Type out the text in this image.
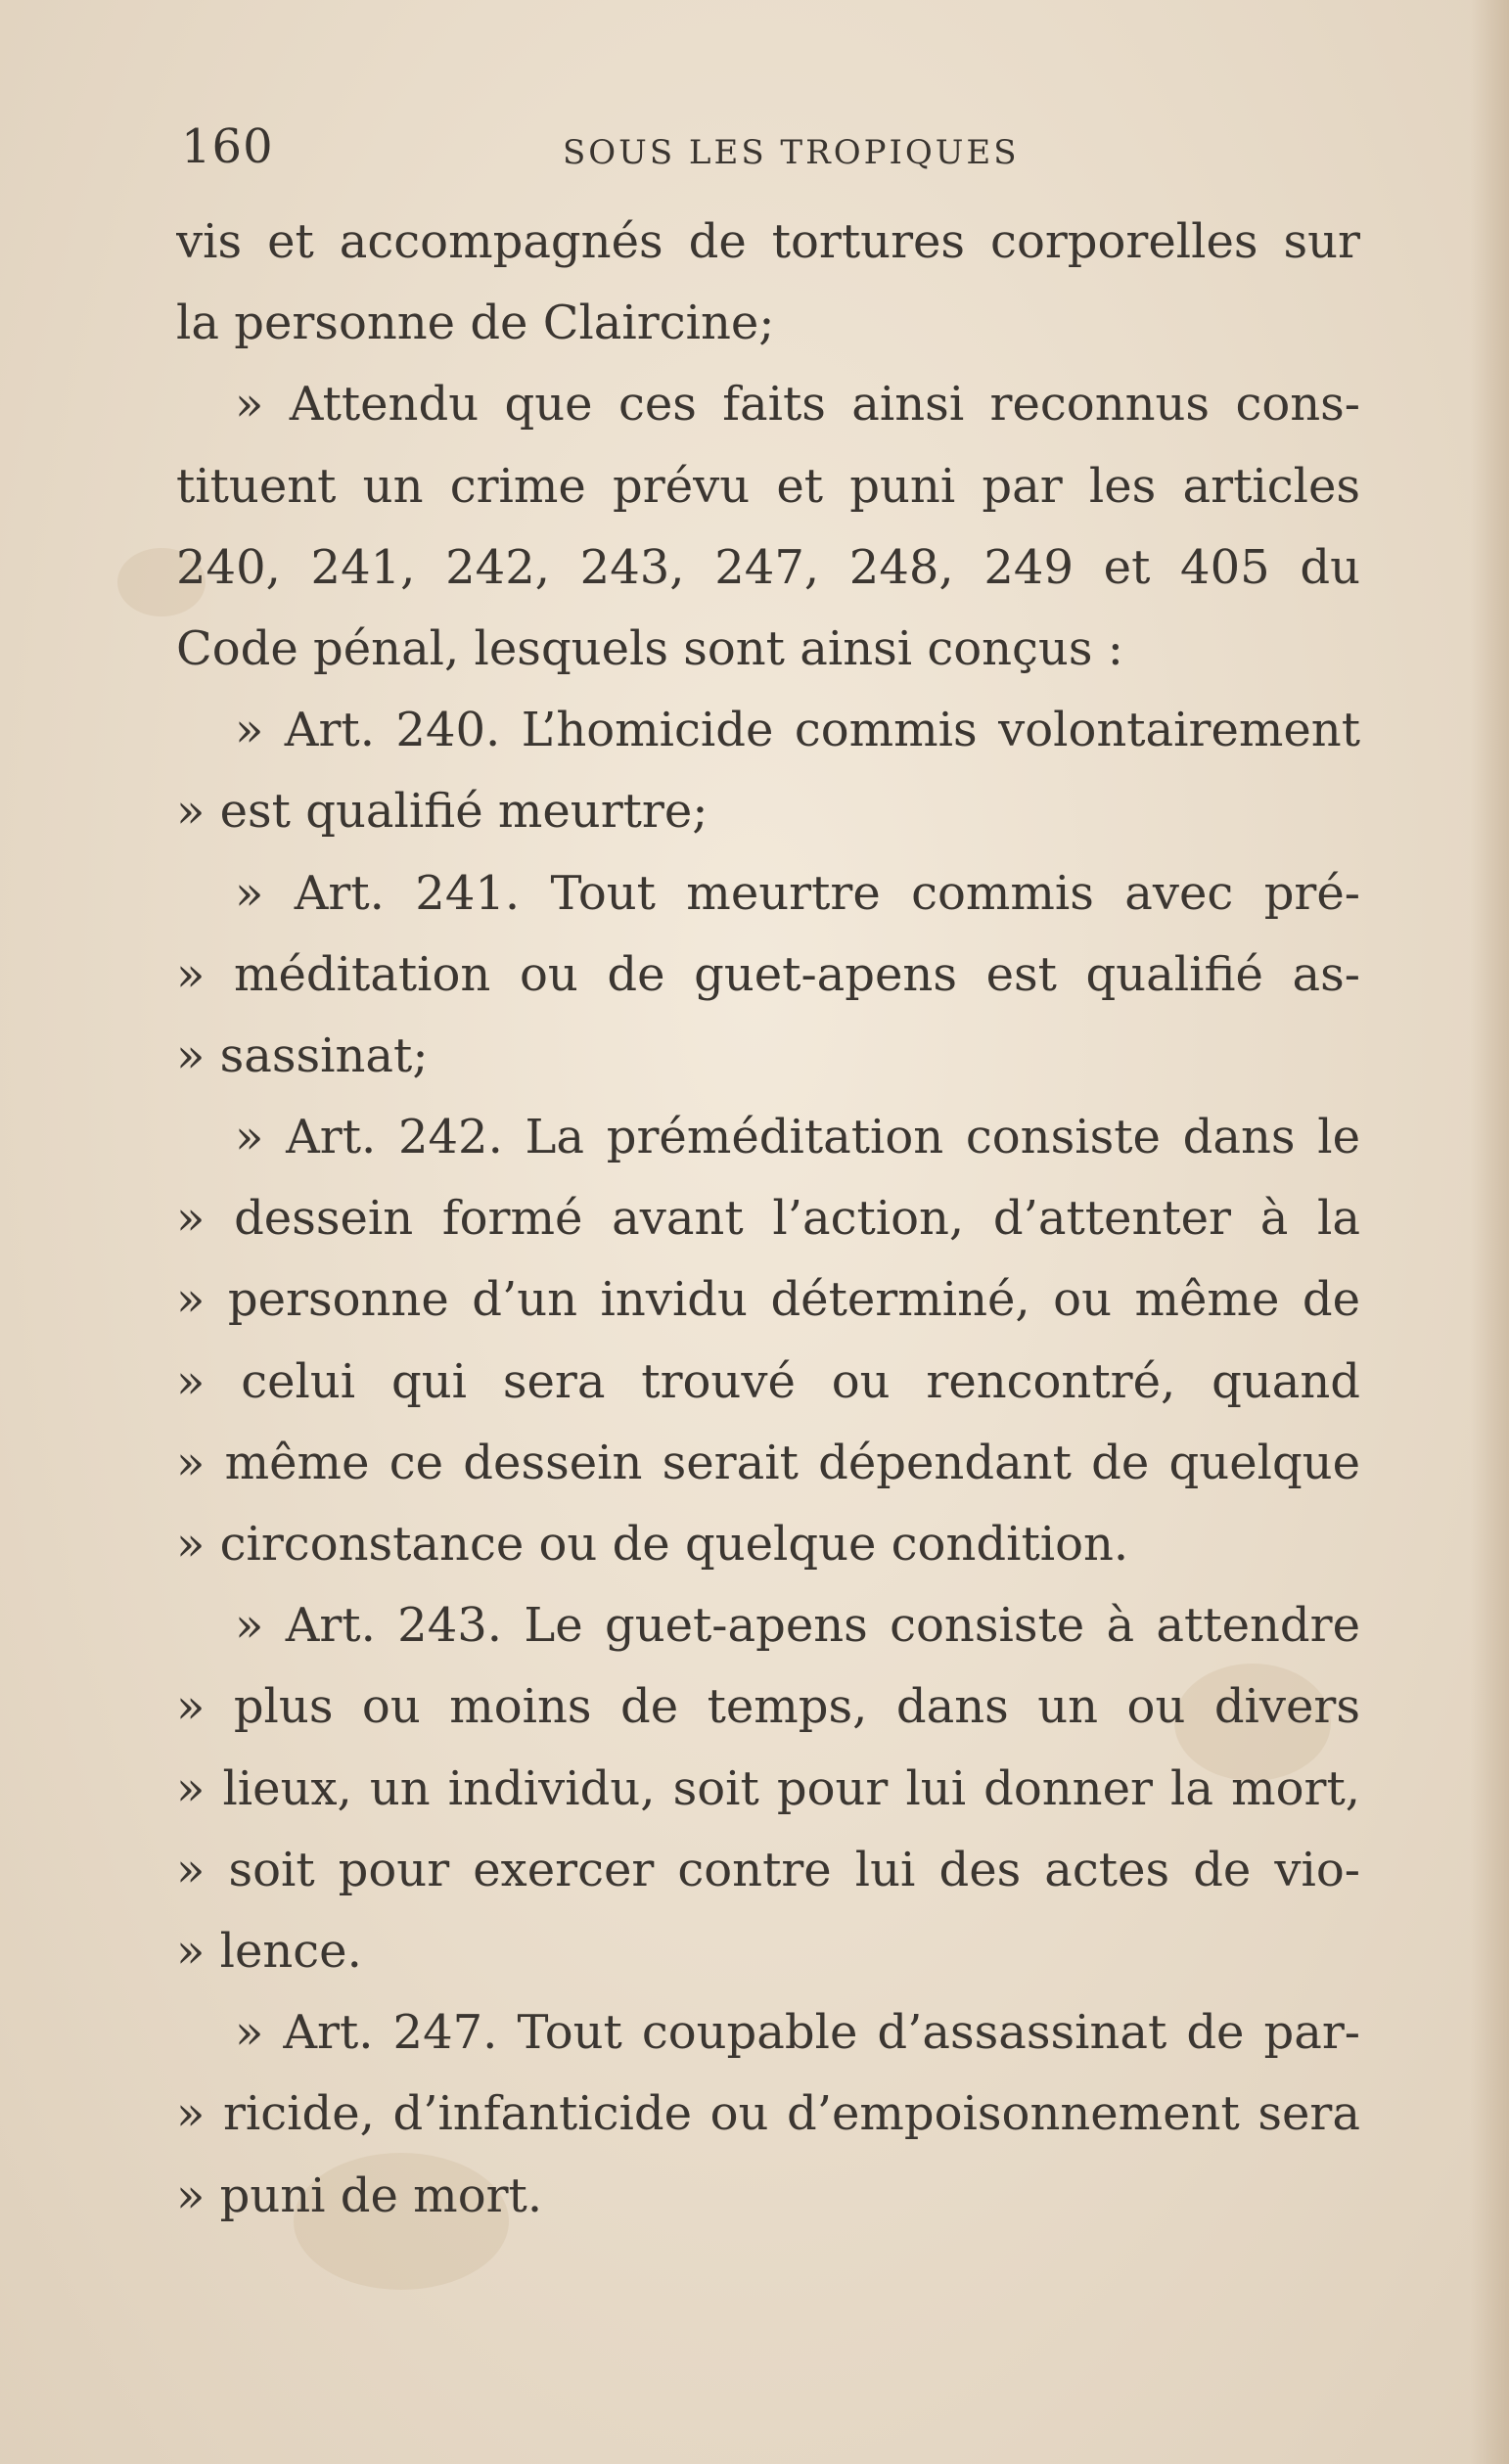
160	SOUS LES TROPIQUES
vis et accompagnés de tortures corporelles sur
la personne de Claircine;
» Attendu que ces faits ainsi reconnus cons-
tituent un crime prévu et puni par les articles
240, 241, 242, 243, 247, 248, 249 et 405 du
Code pénal, lesquels sont ainsi conçus :
» Art. 240. L’homicide commis volontairement
» est qualifié meurtre;
» Art. 241. Tout meurtre commis avec pré-
» méditation ou de guet-apens est qualifié as-
» sassinat;
» Art. 242. La préméditation consiste dans le
» dessein formé avant l’action, d’attenter à la
» personne d’un invidu déterminé, ou même de
» celui qui sera trouvé ou rencontré, quand
» même ce dessein serait dépendant de quelque
» circonstance ou de quelque condition.
» Art. 243. Le guet-apens consiste à attendre
» plus ou moins de temps, dans un ou divers
» lieux, un individu, soit pour lui donner la mort,
» soit pour exercer contre lui des actes de vio-
» lence.
» Art. 247. Tout coupable d’assassinat de par-
» ricide, d’infanticide ou d’empoisonnement sera
» puni de mort.
